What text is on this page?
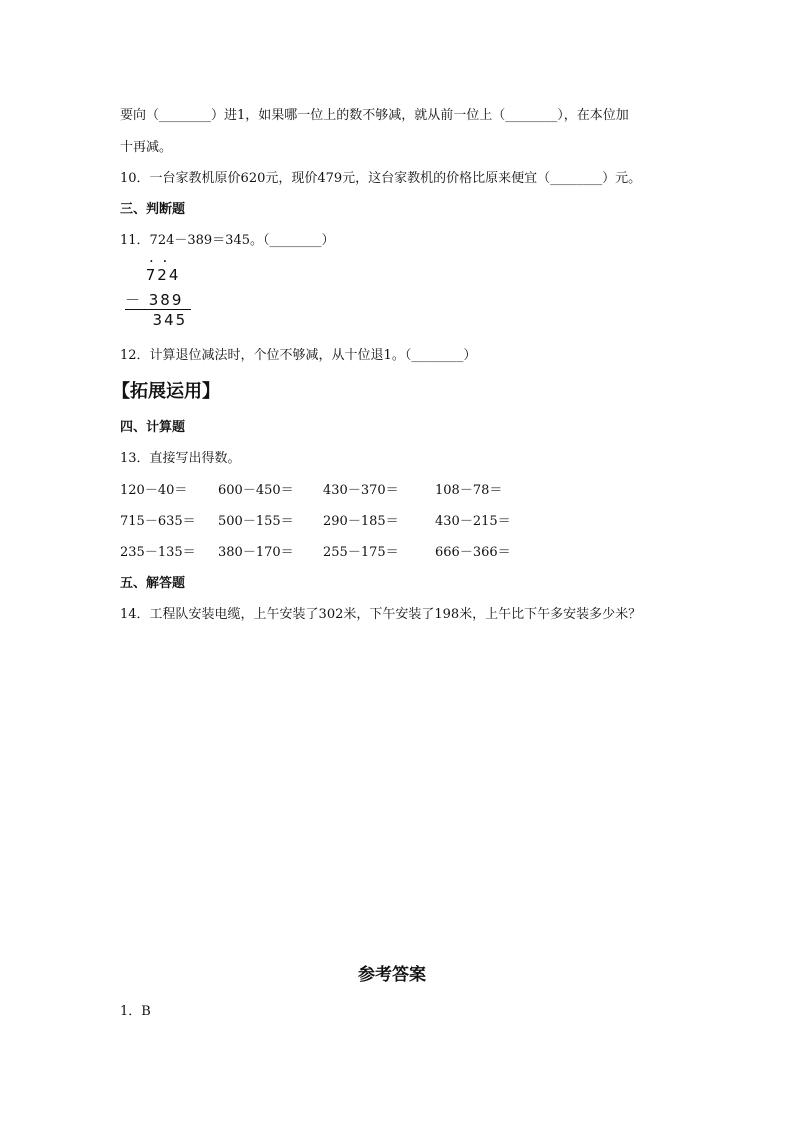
要向（________）进1，如果哪一位上的数不够减，就从前一位上（________），在本位加
十再减。
10．一台家教机原价620元，现价479元，这台家教机的价格比原来便宜（________）元。
三、判断题
11．724－389＝345。（________）
. .
724
－ 389
345
12．计算退位减法时，个位不够减，从十位退1。（________）
【拓展运用】
四、计算题
13．直接写出得数。
120－40＝ 600－450＝ 430－370＝	108－78＝
715－635＝ 500－155＝ 290－185＝	430－215＝
235－135＝ 380－170＝ 255－175＝	666－366＝
五、解答题
14．工程队安装电缆，上午安装了302米，下午安装了198米，上午比下午多安装多少米？
参考答案
1．B
